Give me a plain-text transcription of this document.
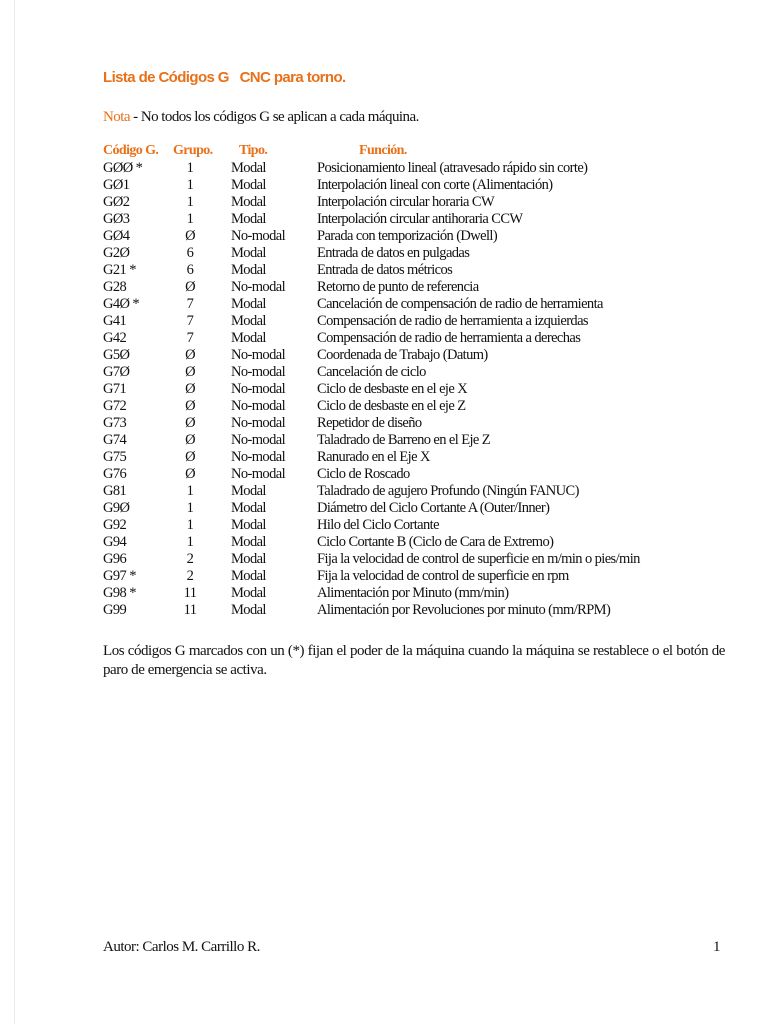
Lista de Códigos G   CNC para torno.
Nota - No todos los códigos G se aplican a cada máquina.
Código G. Grupo. Tipo.	Función.
GØØ *	1	Modal	Posicionamiento lineal (atravesado rápido sin corte)
GØ1	1	Modal	Interpolación lineal con corte (Alimentación)
GØ2	1	Modal	Interpolación circular horaria CW
GØ3	1	Modal	Interpolación circular antihoraria CCW
GØ4	Ø No-modal Parada con temporización (Dwell)
G2Ø	6	Modal	Entrada de datos en pulgadas
G21 *	6	Modal	Entrada de datos métricos
G28	Ø No-modal Retorno de punto de referencia
G4Ø *	7	Modal	Cancelación de compensación de radio de herramienta
G41	7	Modal	Compensación de radio de herramienta a izquierdas
G42	7	Modal	Compensación de radio de herramienta a derechas
G5Ø	Ø No-modal Coordenada de Trabajo (Datum)
G7Ø	Ø No-modal Cancelación de ciclo
G71	Ø No-modal Ciclo de desbaste en el eje X
G72	Ø No-modal Ciclo de desbaste en el eje Z
G73	Ø No-modal Repetidor de diseño
G74	Ø No-modal Taladrado de Barreno en el Eje Z
G75	Ø No-modal Ranurado en el Eje X
G76	Ø No-modal Ciclo de Roscado
G81	1	Modal	Taladrado de agujero Profundo (Ningún FANUC)
G9Ø	1	Modal	Diámetro del Ciclo Cortante A (Outer/Inner)
G92	1	Modal	Hilo del Ciclo Cortante
G94	1	Modal	Ciclo Cortante B (Ciclo de Cara de Extremo)
G96	2	Modal	Fija la velocidad de control de superficie en m/min o pies/min
G97 *	2	Modal	Fija la velocidad de control de superficie en rpm
G98 *	11 Modal	Alimentación por Minuto (mm/min)
G99	11 Modal	Alimentación por Revoluciones por minuto (mm/RPM)
Los códigos G marcados con un (*) fijan el poder de la máquina cuando la máquina se restablece o el botón de paro de emergencia se activa.
Autor: Carlos M. Carrillo R.	1
